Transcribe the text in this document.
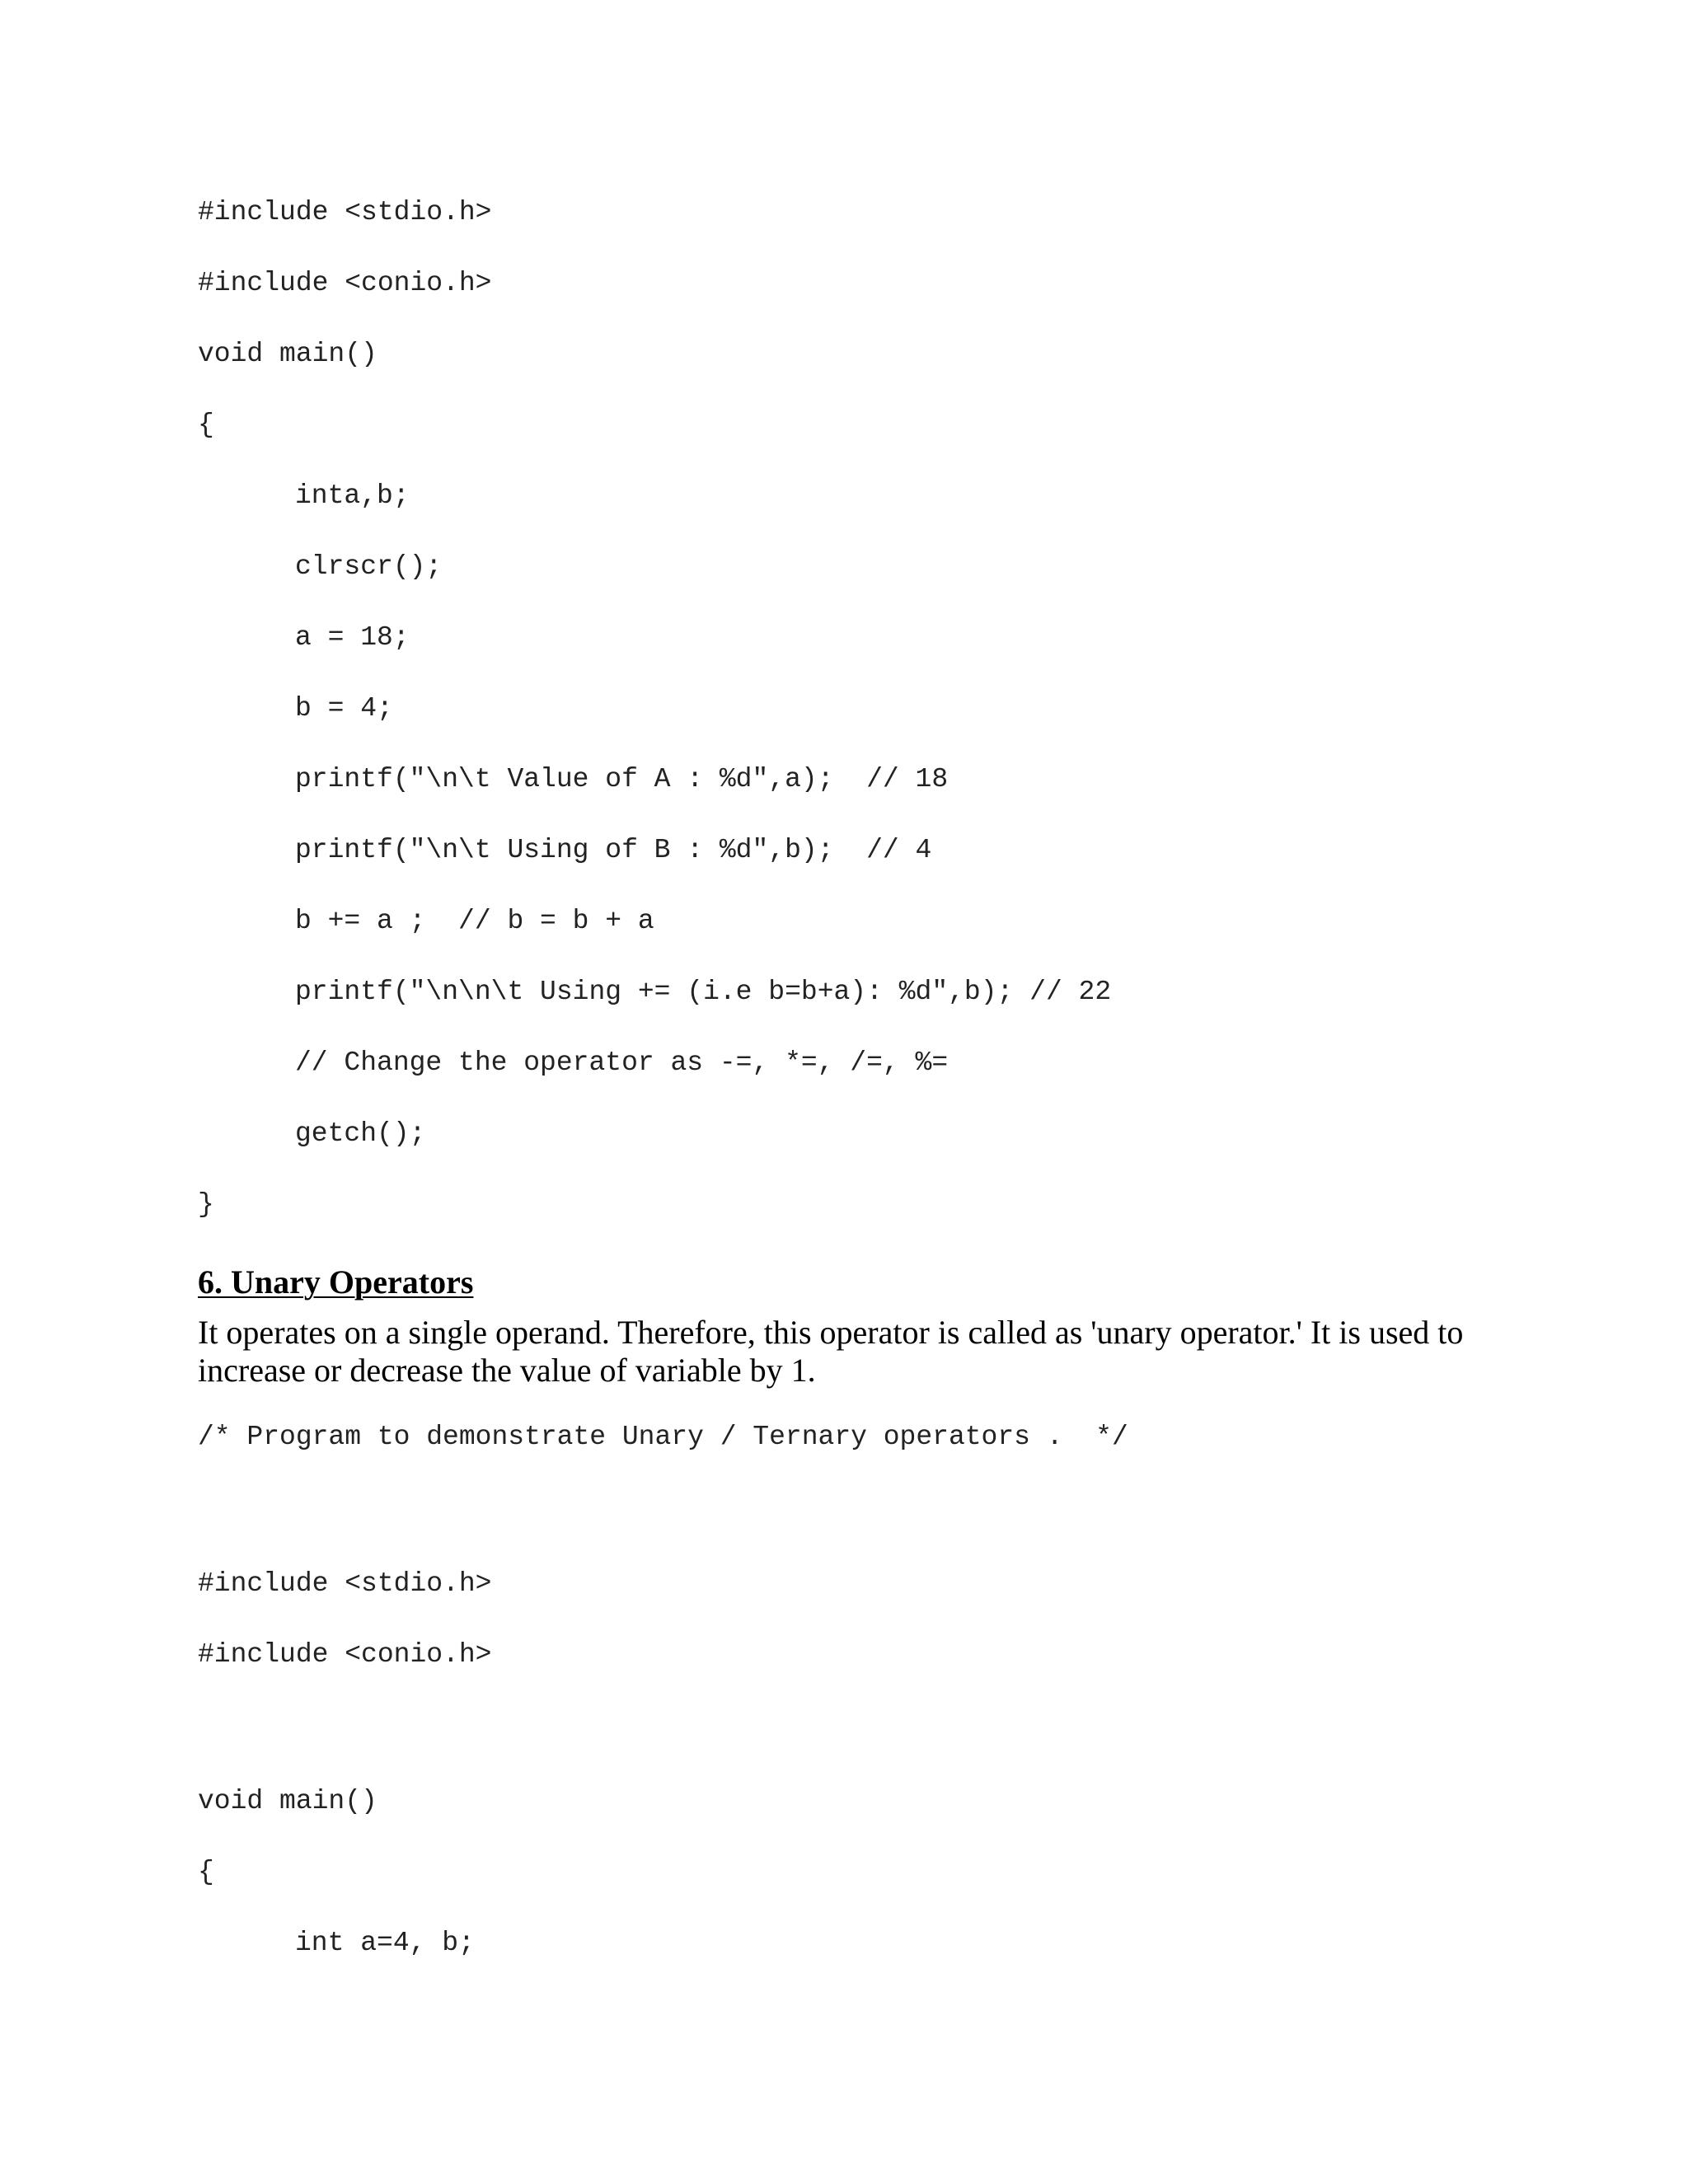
#include <stdio.h>

#include <conio.h>

void main()

{

inta,b;

clrscr();

a = 18;

b = 4;

printf("\n\t Value of A : %d",a);  // 18

printf("\n\t Using of B : %d",b);  // 4

b += a ;  // b = b + a

printf("\n\n\t Using += (i.e b=b+a): %d",b); // 22

// Change the operator as -=, *=, /=, %=

getch();

}

6. Unary Operators

It operates on a single operand. Therefore, this operator is called as 'unary operator.' It is used to increase or decrease the value of variable by 1.

/* Program to demonstrate Unary / Ternary operators .  */

#include <stdio.h>

#include <conio.h>

void main()

{

int a=4, b;
